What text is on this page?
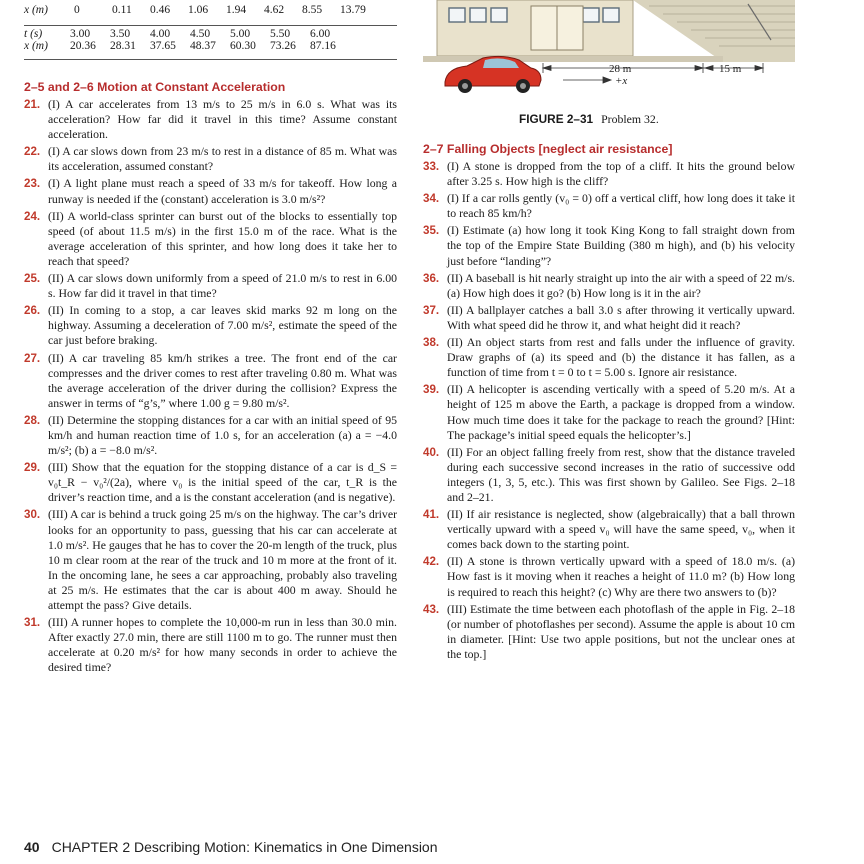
x (m)	0	0.11	0.46	1.06	1.94	4.62	8.55	13.79
t (s)	3.00	3.50	4.00	4.50	5.00	5.50	6.00
x (m)	20.36	28.31	37.65	48.37	60.30	73.26	87.16
2–5 and 2–6 Motion at Constant Acceleration
21. (I) A car accelerates from 13 m/s to 25 m/s in 6.0 s. What was its acceleration? How far did it travel in this time? Assume constant acceleration.
22. (I) A car slows down from 23 m/s to rest in a distance of 85 m. What was its acceleration, assumed constant?
23. (I) A light plane must reach a speed of 33 m/s for takeoff. How long a runway is needed if the (constant) acceleration is 3.0 m/s²?
24. (II) A world-class sprinter can burst out of the blocks to essentially top speed (of about 11.5 m/s) in the first 15.0 m of the race. What is the average acceleration of this sprinter, and how long does it take her to reach that speed?
25. (II) A car slows down uniformly from a speed of 21.0 m/s to rest in 6.00 s. How far did it travel in that time?
26. (II) In coming to a stop, a car leaves skid marks 92 m long on the highway. Assuming a deceleration of 7.00 m/s², estimate the speed of the car just before braking.
27. (II) A car traveling 85 km/h strikes a tree. The front end of the car compresses and the driver comes to rest after traveling 0.80 m. What was the average acceleration of the driver during the collision? Express the answer in terms of “g’s,” where 1.00 g = 9.80 m/s².
28. (II) Determine the stopping distances for a car with an initial speed of 95 km/h and human reaction time of 1.0 s, for an acceleration (a) a = −4.0 m/s²; (b) a = −8.0 m/s².
29. (III) Show that the equation for the stopping distance of a car is d_S = v₀t_R − v₀²/(2a), where v₀ is the initial speed of the car, t_R is the driver’s reaction time, and a is the constant acceleration (and is negative).
30. (III) A car is behind a truck going 25 m/s on the highway. The car’s driver looks for an opportunity to pass, guessing that his car can accelerate at 1.0 m/s². He gauges that he has to cover the 20-m length of the truck, plus 10 m clear room at the rear of the truck and 10 m more at the front of it. In the oncoming lane, he sees a car approaching, probably also traveling at 25 m/s. He estimates that the car is about 400 m away. Should he attempt the pass? Give details.
31. (III) A runner hopes to complete the 10,000-m run in less than 30.0 min. After exactly 27.0 min, there are still 1100 m to go. The runner must then accelerate at 0.20 m/s² for how many seconds in order to achieve the desired time?
28 m	15 m
+x
FIGURE 2–31 Problem 32.
2–7 Falling Objects [neglect air resistance]
33. (I) A stone is dropped from the top of a cliff. It hits the ground below after 3.25 s. How high is the cliff?
34. (I) If a car rolls gently (v₀ = 0) off a vertical cliff, how long does it take it to reach 85 km/h?
35. (I) Estimate (a) how long it took King Kong to fall straight down from the top of the Empire State Building (380 m high), and (b) his velocity just before “landing”?
36. (II) A baseball is hit nearly straight up into the air with a speed of 22 m/s. (a) How high does it go? (b) How long is it in the air?
37. (II) A ballplayer catches a ball 3.0 s after throwing it vertically upward. With what speed did he throw it, and what height did it reach?
38. (II) An object starts from rest and falls under the influence of gravity. Draw graphs of (a) its speed and (b) the distance it has fallen, as a function of time from t = 0 to t = 5.00 s. Ignore air resistance.
39. (II) A helicopter is ascending vertically with a speed of 5.20 m/s. At a height of 125 m above the Earth, a package is dropped from a window. How much time does it take for the package to reach the ground? [Hint: The package’s initial speed equals the helicopter’s.]
40. (II) For an object falling freely from rest, show that the distance traveled during each successive second increases in the ratio of successive odd integers (1, 3, 5, etc.). This was first shown by Galileo. See Figs. 2–18 and 2–21.
41. (II) If air resistance is neglected, show (algebraically) that a ball thrown vertically upward with a speed v₀ will have the same speed, v₀, when it comes back down to the starting point.
42. (II) A stone is thrown vertically upward with a speed of 18.0 m/s. (a) How fast is it moving when it reaches a height of 11.0 m? (b) How long is required to reach this height? (c) Why are there two answers to (b)?
43. (III) Estimate the time between each photoflash of the apple in Fig. 2–18 (or number of photoflashes per second). Assume the apple is about 10 cm in diameter. [Hint: Use two apple positions, but not the unclear ones at the top.]
40 CHAPTER 2 Describing Motion: Kinematics in One Dimension
